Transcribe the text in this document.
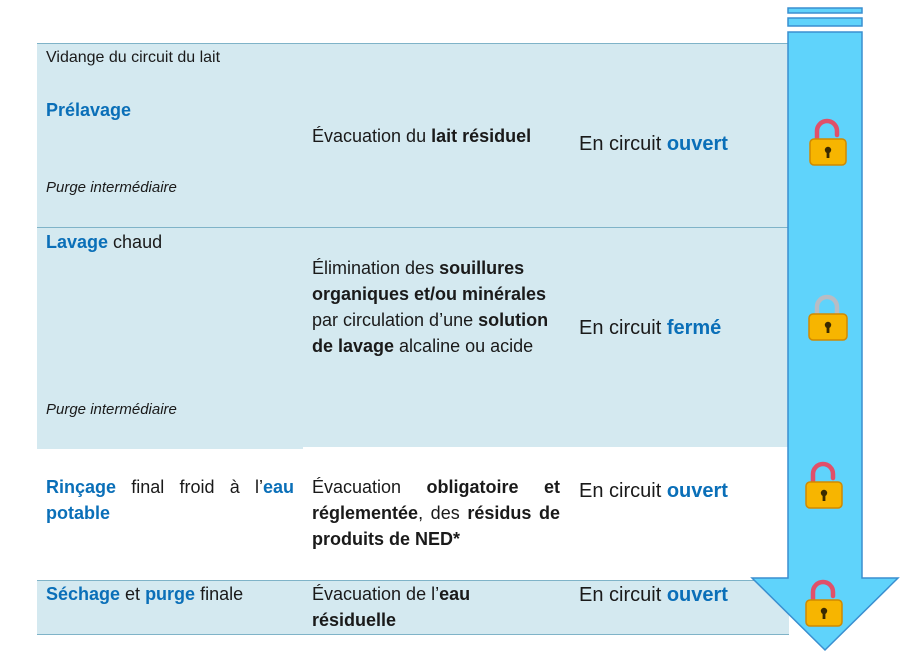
Vidange du circuit du lait
Prélavage
Purge intermédiaire
Évacuation du lait résiduel En circuit ouvert
Lavage chaud
Purge intermédiaire
Élimination des souillures organiques et/ou minérales par circulation d’une solution de lavage alcaline ou acide
En circuit fermé
Rinçage final froid à l’eau potable
Évacuation obligatoire et réglementée, des résidus de produits de NED*
En circuit ouvert
Séchage et purge finale	Évacuation de l’eau résiduelle
En circuit ouvert
